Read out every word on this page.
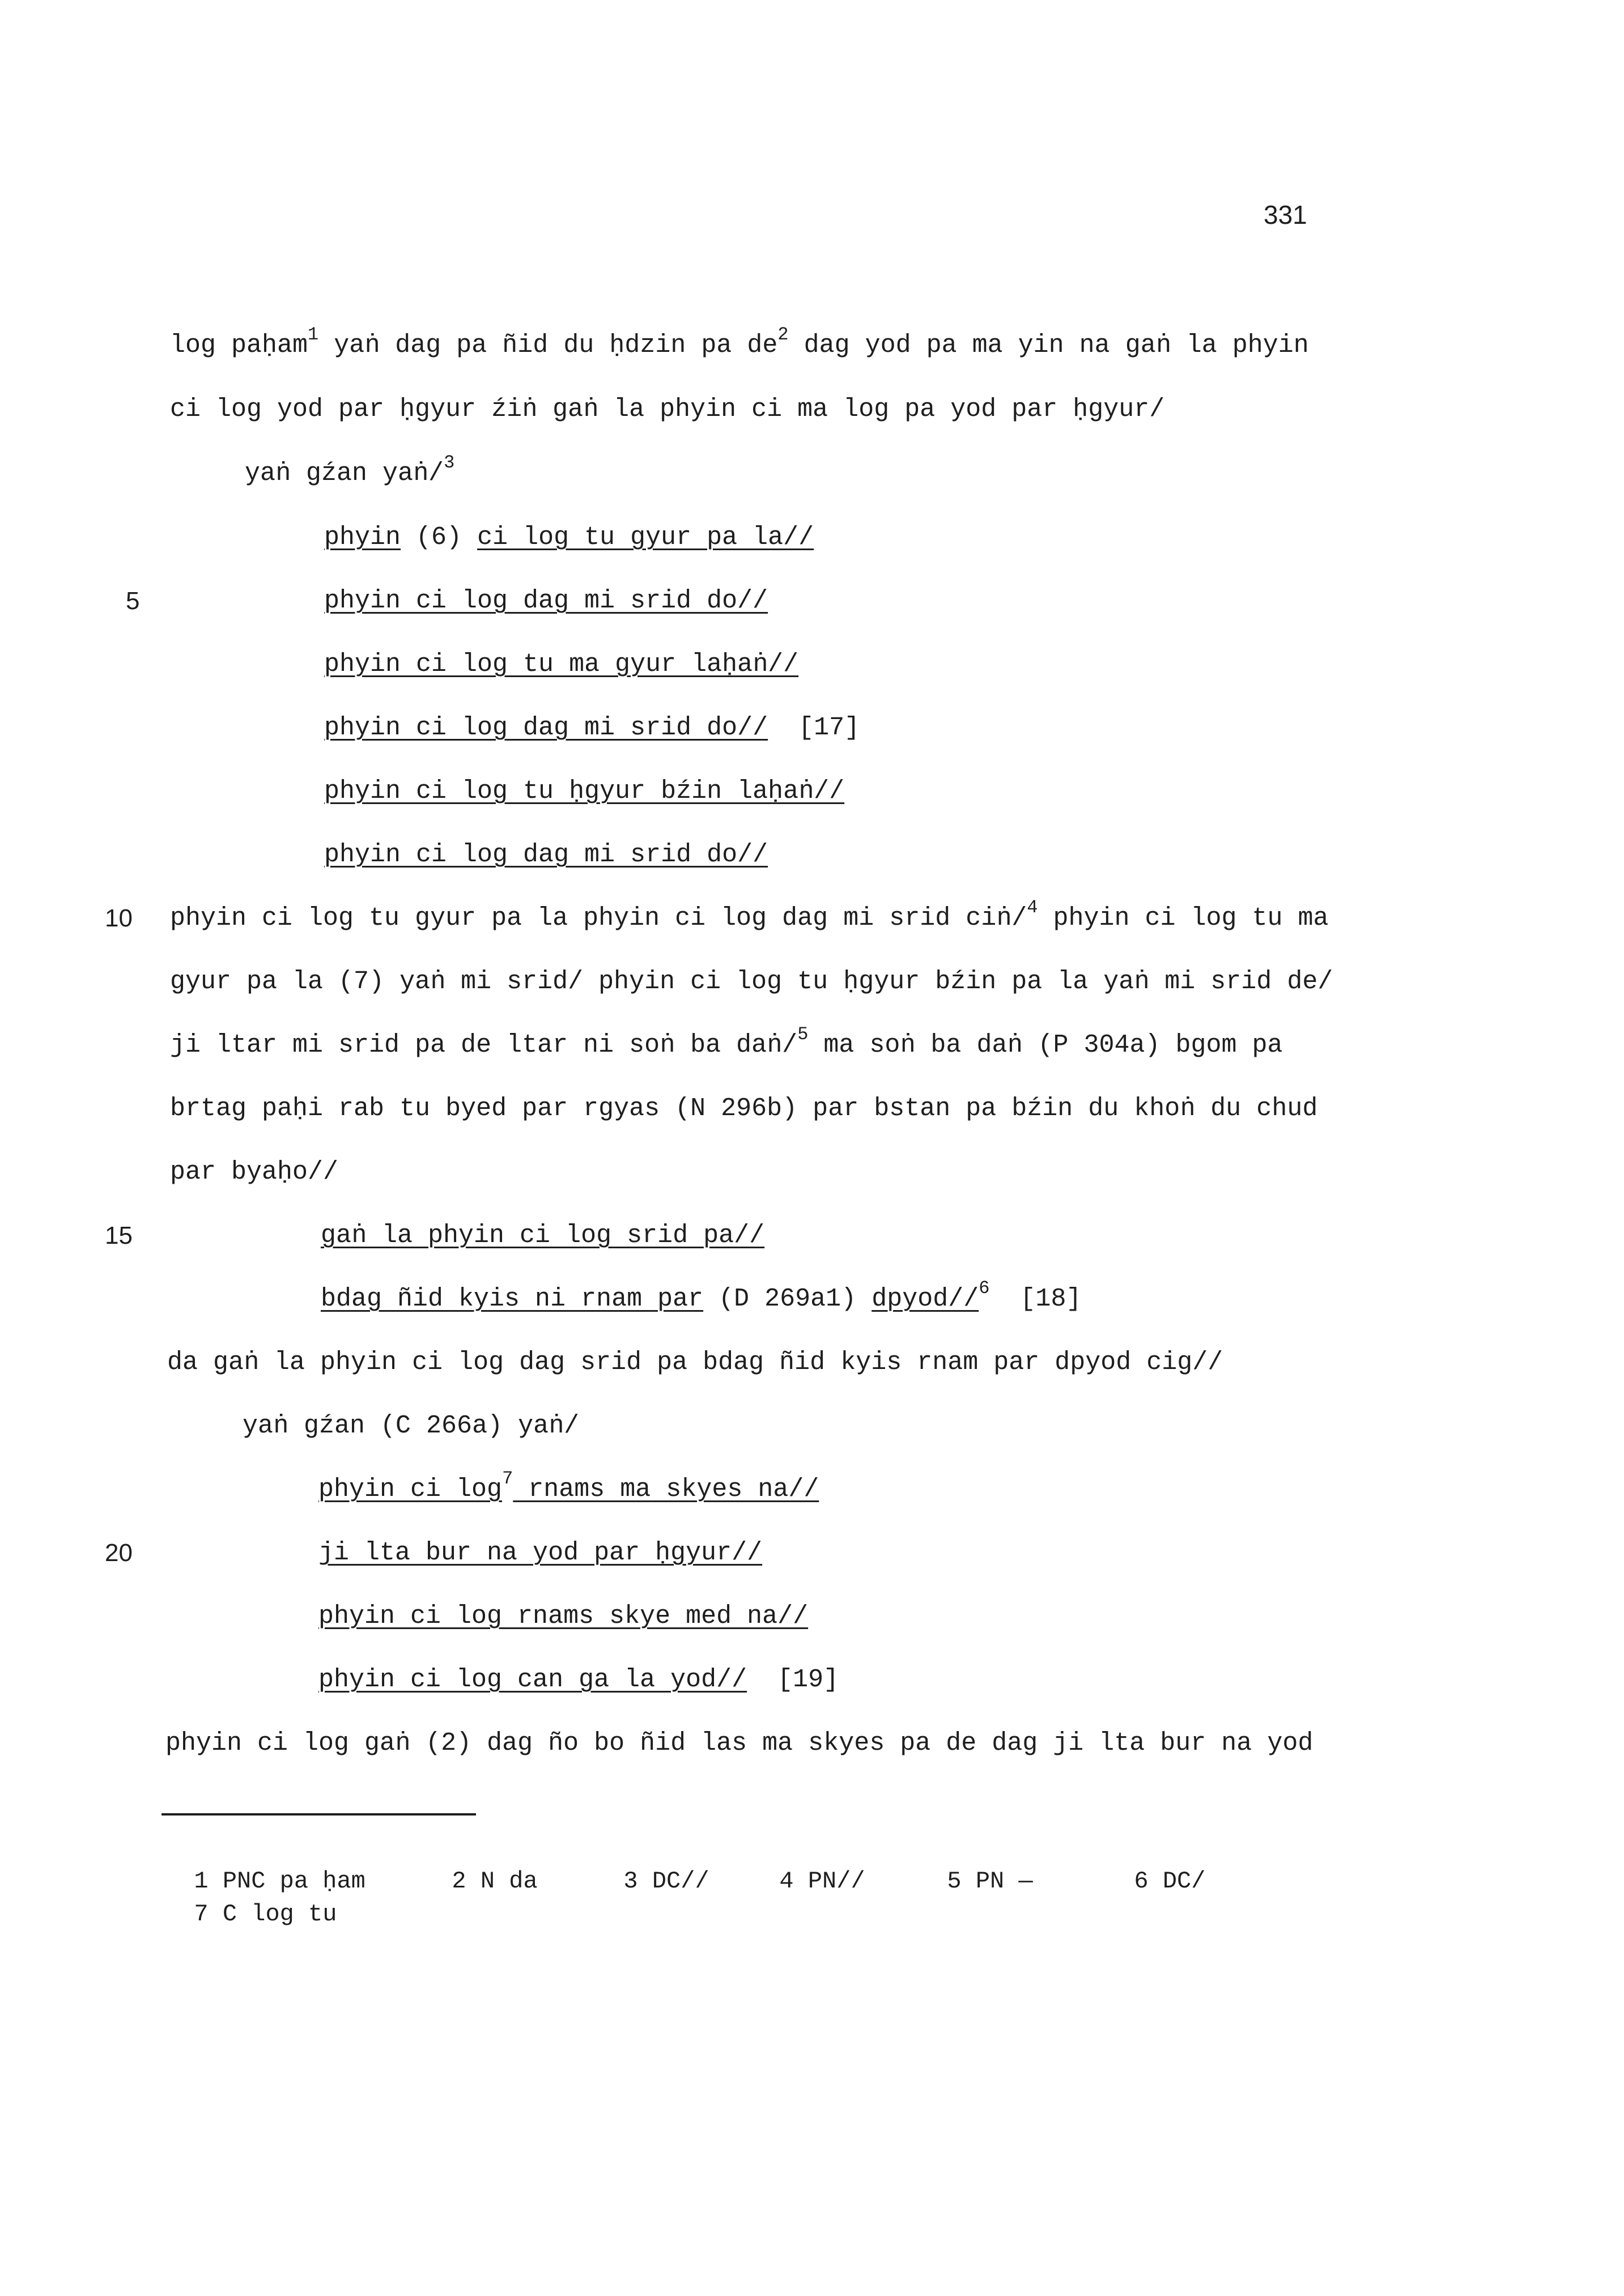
331
log paḥam$^1$ yaṅ dag pa ñid du ḥdzin pa $de^2$ dag yod pa ma yin na gaṅ la phyin
ci log yod par ḥgyur źiṅ gaṅ la phyin ci ma log pa yod par ḥgyur/
yaṅ gźan yaṅ/$^3$
phyin (6) ci log tu gyur pa la//
5	phyin ci log dag mi srid do//
phyin ci log tu ma gyur laḥaṅ//
phyin ci log dag mi srid do//  [17]
phyin ci log tu ḥgyur bźin laḥaṅ//
phyin ci log dag mi srid do//
10 phyin ci log tu gyur pa la phyin ci log dag mi srid ciṅ/$^4$ phyin ci log tu ma
gyur pa la (7) yaṅ mi srid/ phyin ci log tu ḥgyur bźin pa la yaṅ mi srid de/
ji ltar mi srid pa de ltar ni soṅ ba daṅ/$^5$ ma soṅ ba daṅ (P 304a) bgom pa
brtag paḥi rab tu byed par rgyas (N 296b) par bstan pa bźin du khoṅ du chud
par byaḥo//
15	gaṅ la phyin ci log srid pa//
bdag ñid kyis ni rnam par (D 269a1) dpyod//$^6$  [18]
da gaṅ la phyin ci log dag srid pa bdag ñid kyis rnam par dpyod cig//
yaṅ gźan (C 266a) yaṅ/
phyin ci $\log^7$ rnams ma skyes na//
20	ji lta bur na yod par ḥgyur//
phyin ci log rnams skye med na//
phyin ci log can ga la yod//  [19]
phyin ci log gaṅ (2) dag ño bo ñid las ma skyes pa de dag ji lta bur na yod

1 PNC pa ḥam	2 N da	3 DC//	4 PN//	5 PN —	6 DC/

7 C log tu
